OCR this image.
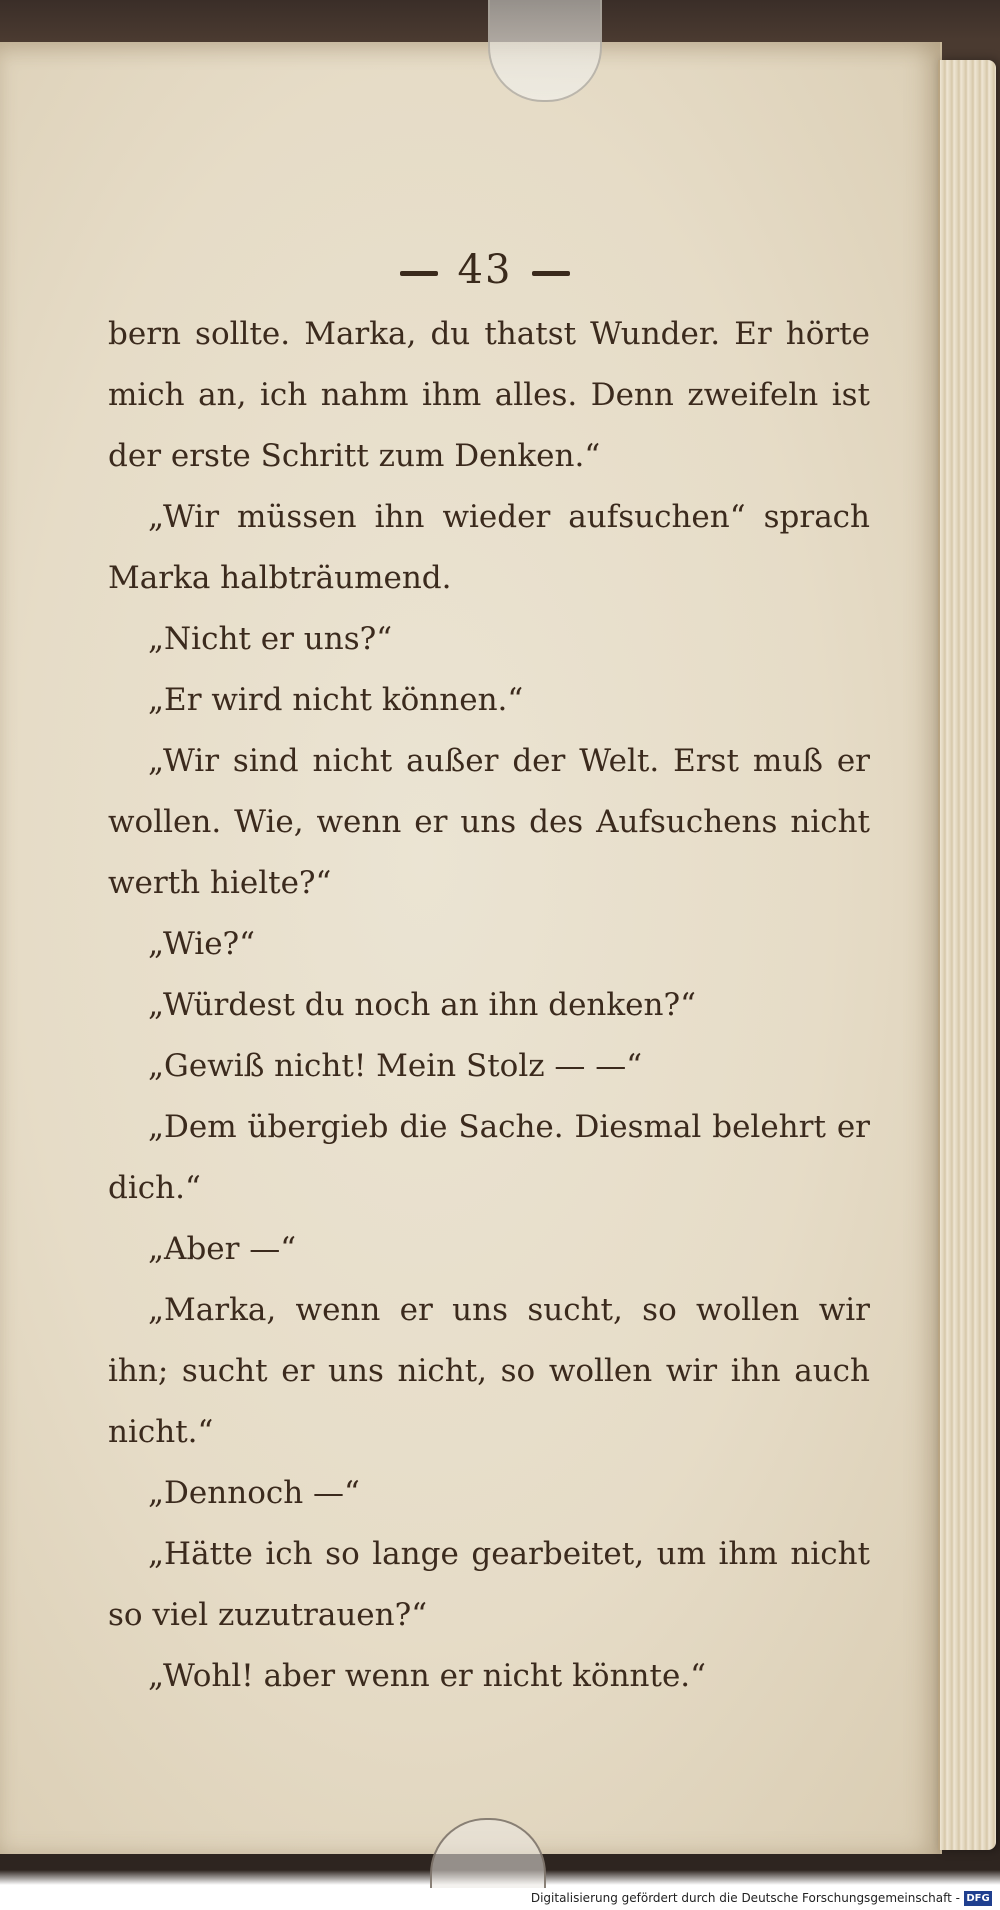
43

bern sollte. Marka, du thatst Wunder. Er hörte mich an, ich nahm ihm alles. Denn zweifeln ist der erste Schritt zum Denken.“

„Wir müssen ihn wieder aufsuchen“ sprach Marka halbträumend.

„Nicht er uns?“

„Er wird nicht können.“

„Wir sind nicht außer der Welt. Erst muß er wollen. Wie, wenn er uns des Aufsuchens nicht werth hielte?“

„Wie?“

„Würdest du noch an ihn denken?“

„Gewiß nicht! Mein Stolz — —“

„Dem übergieb die Sache. Diesmal belehrt er dich.“

„Aber —“

„Marka, wenn er uns sucht, so wollen wir ihn; sucht er uns nicht, so wollen wir ihn auch nicht.“

„Dennoch —“

„Hätte ich so lange gearbeitet, um ihm nicht so viel zuzutrauen?“

„Wohl! aber wenn er nicht könnte.“

Digitalisierung gefördert durch die Deutsche Forschungsgemeinschaft - DFG
